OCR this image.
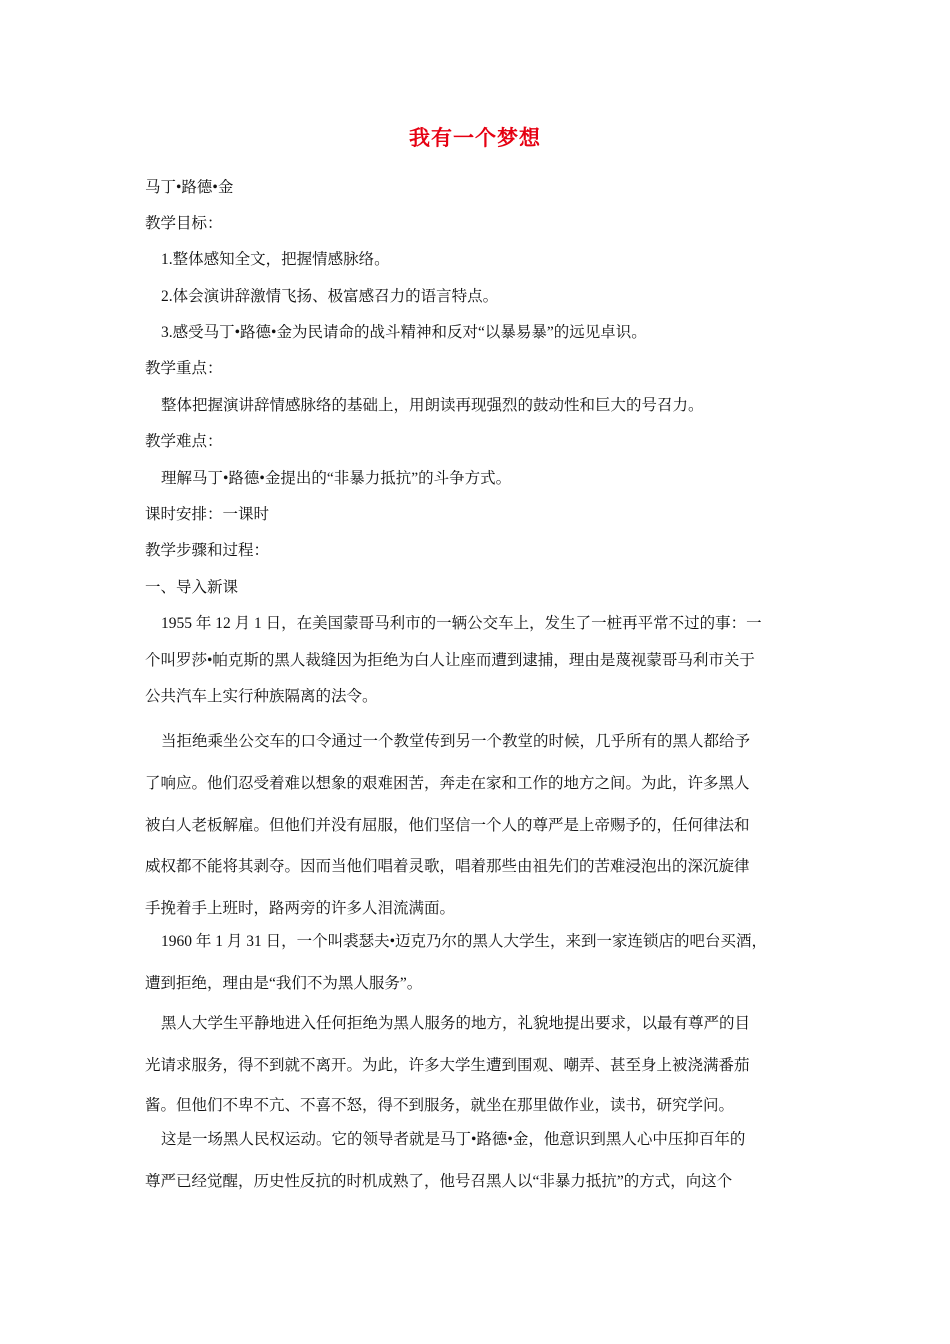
我有一个梦想
马丁•路德•金
教学目标：
1.整体感知全文，把握情感脉络。
2.体会演讲辞激情飞扬、极富感召力的语言特点。
3.感受马丁•路德•金为民请命的战斗精神和反对“以暴易暴”的远见卓识。
教学重点：
整体把握演讲辞情感脉络的基础上，用朗读再现强烈的鼓动性和巨大的号召力。
教学难点：
理解马丁•路德•金提出的“非暴力抵抗”的斗争方式。
课时安排：一课时
教学步骤和过程：
一、导入新课
1955 年 12 月 1 日，在美国蒙哥马利市的一辆公交车上，发生了一桩再平常不过的事：一
个叫罗莎•帕克斯的黑人裁缝因为拒绝为白人让座而遭到逮捕，理由是蔑视蒙哥马利市关于
公共汽车上实行种族隔离的法令。
当拒绝乘坐公交车的口令通过一个教堂传到另一个教堂的时候，几乎所有的黑人都给予
了响应。他们忍受着难以想象的艰难困苦，奔走在家和工作的地方之间。为此，许多黑人
被白人老板解雇。但他们并没有屈服，他们坚信一个人的尊严是上帝赐予的，任何律法和
威权都不能将其剥夺。因而当他们唱着灵歌，唱着那些由祖先们的苦难浸泡出的深沉旋律
手挽着手上班时，路两旁的许多人泪流满面。
1960 年 1 月 31 日，一个叫裘瑟夫•迈克乃尔的黑人大学生，来到一家连锁店的吧台买酒，
遭到拒绝，理由是“我们不为黑人服务”。
黑人大学生平静地进入任何拒绝为黑人服务的地方，礼貌地提出要求，以最有尊严的目
光请求服务，得不到就不离开。为此，许多大学生遭到围观、嘲弄、甚至身上被浇满番茄
酱。但他们不卑不亢、不喜不怒，得不到服务，就坐在那里做作业，读书，研究学问。
这是一场黑人民权运动。它的领导者就是马丁•路德•金，他意识到黑人心中压抑百年的
尊严已经觉醒，历史性反抗的时机成熟了，他号召黑人以“非暴力抵抗”的方式，向这个
